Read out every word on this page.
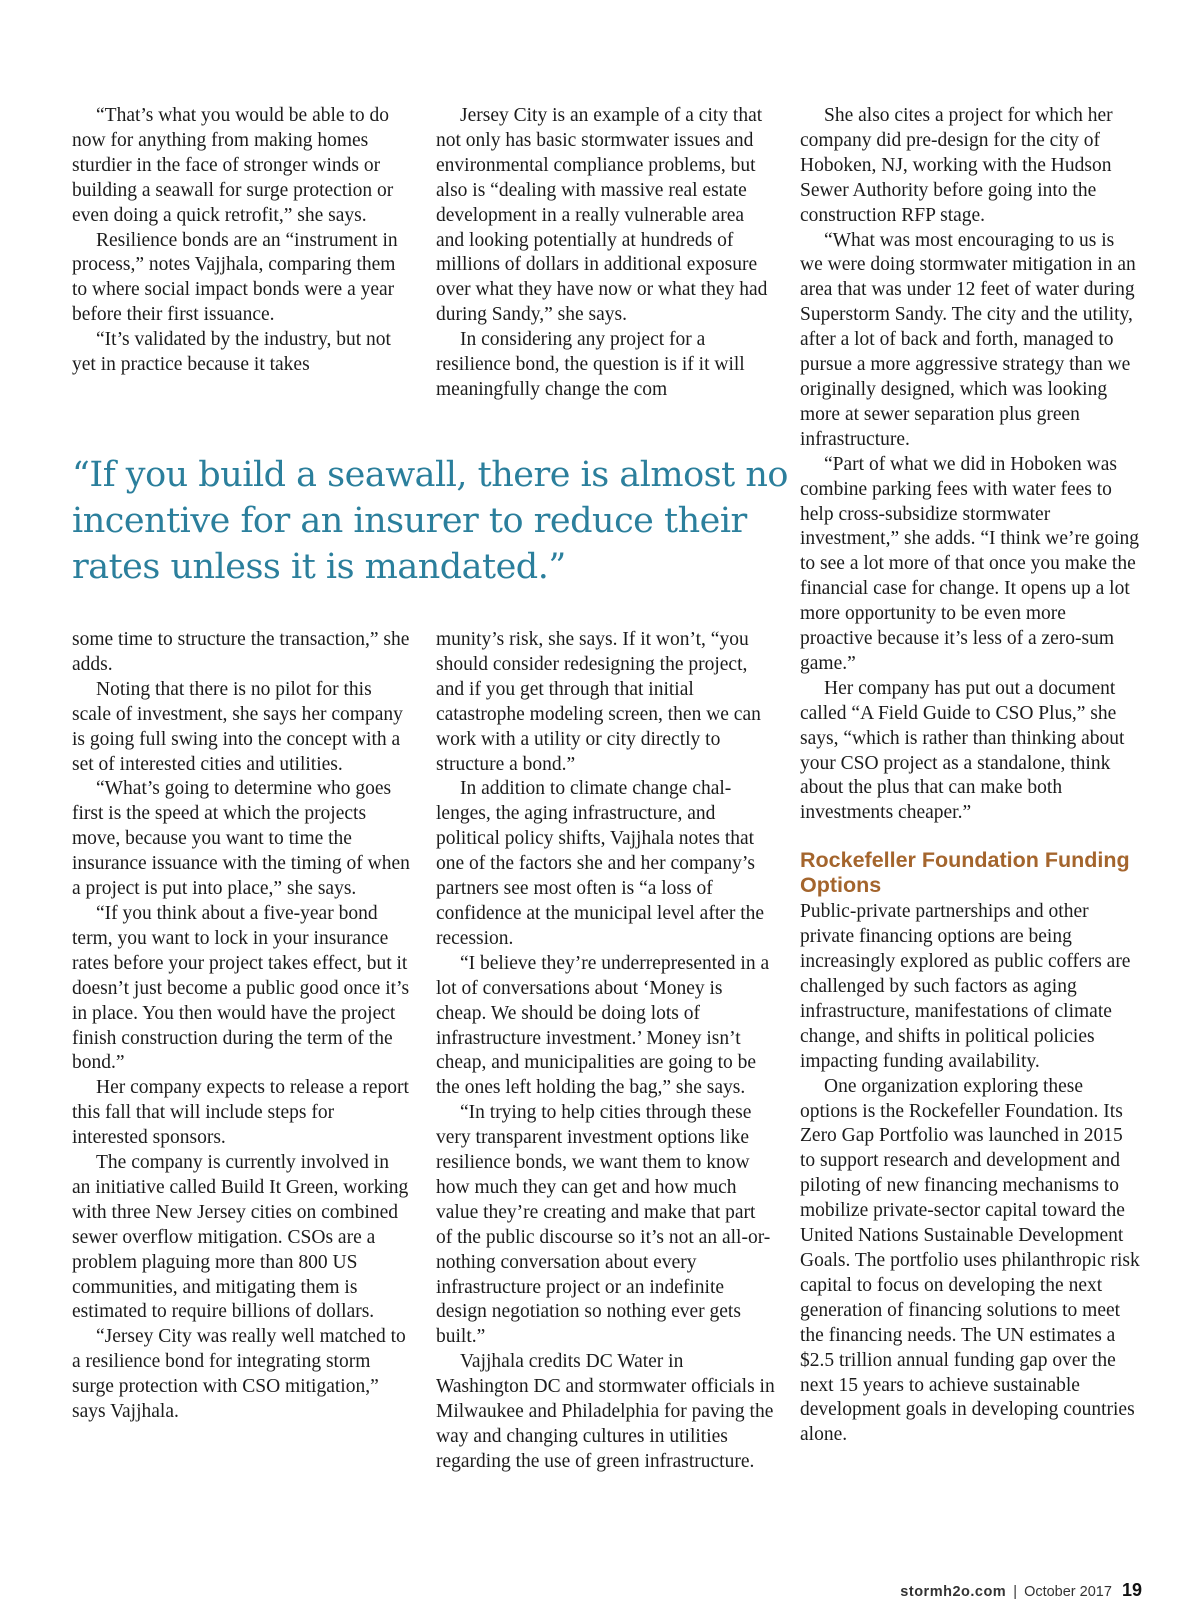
“That’s what you would be able to do now for anything from making homes sturdier in the face of stronger winds or building a seawall for surge protection or even doing a quick retrofit,” she says.

Resilience bonds are an “instrument in process,” notes Vajjhala, comparing them to where social impact bonds were a year before their first issuance.

“It’s validated by the industry, but not yet in practice because it takes

Jersey City is an example of a city that not only has basic stormwater issues and environmental compliance problems, but also is “dealing with massive real estate development in a really vulnerable area and looking potentially at hundreds of millions of dollars in additional exposure over what they have now or what they had during Sandy,” she says.

In considering any project for a resilience bond, the question is if it will meaningfully change the com

“If you build a seawall, there is almost no incentive for an insurer to reduce their rates unless it is mandated.”

some time to structure the transaction,” she adds.

Noting that there is no pilot for this scale of investment, she says her company is going full swing into the concept with a set of interested cities and utilities.

“What’s going to determine who goes first is the speed at which the projects move, because you want to time the insurance issuance with the timing of when a project is put into place,” she says.

“If you think about a five-year bond term, you want to lock in your insurance rates before your project takes effect, but it doesn’t just become a public good once it’s in place. You then would have the project finish construction during the term of the bond.”

Her company expects to release a report this fall that will include steps for interested sponsors.

The company is currently involved in an initiative called Build It Green, working with three New Jersey cities on combined sewer overflow mitigation. CSOs are a problem plaguing more than 800 US communities, and mitigating them is estimated to require billions of dollars.

“Jersey City was really well matched to a resilience bond for integrating storm surge protection with CSO mitigation,” says Vajjhala.

munity’s risk, she says. If it won’t, “you should consider redesigning the project, and if you get through that initial catastrophe modeling screen, then we can work with a utility or city directly to structure a bond.”

In addition to climate change challenges, the aging infrastructure, and political policy shifts, Vajjhala notes that one of the factors she and her company’s partners see most often is “a loss of confidence at the municipal level after the recession.

“I believe they’re underrepresented in a lot of conversations about ‘Money is cheap. We should be doing lots of infrastructure investment.’ Money isn’t cheap, and municipalities are going to be the ones left holding the bag,” she says.

“In trying to help cities through these very transparent investment options like resilience bonds, we want them to know how much they can get and how much value they’re creating and make that part of the public discourse so it’s not an all-or-nothing conversation about every infrastructure project or an indefinite design negotiation so nothing ever gets built.”

Vajjhala credits DC Water in Washington DC and stormwater officials in Milwaukee and Philadelphia for paving the way and changing cultures in utilities regarding the use of green infrastructure.

She also cites a project for which her company did pre-design for the city of Hoboken, NJ, working with the Hudson Sewer Authority before going into the construction RFP stage.

“What was most encouraging to us is we were doing stormwater mitigation in an area that was under 12 feet of water during Superstorm Sandy. The city and the utility, after a lot of back and forth, managed to pursue a more aggressive strategy than we originally designed, which was looking more at sewer separation plus green infrastructure.

“Part of what we did in Hoboken was combine parking fees with water fees to help cross-subsidize stormwater investment,” she adds. “I think we’re going to see a lot more of that once you make the financial case for change. It opens up a lot more opportunity to be even more proactive because it’s less of a zero-sum game.”

Her company has put out a document called “A Field Guide to CSO Plus,” she says, “which is rather than thinking about your CSO project as a standalone, think about the plus that can make both investments cheaper.”

Rockefeller Foundation Funding Options

Public-private partnerships and other private financing options are being increasingly explored as public coffers are challenged by such factors as aging infrastructure, manifestations of climate change, and shifts in political policies impacting funding availability.

One organization exploring these options is the Rockefeller Foundation. Its Zero Gap Portfolio was launched in 2015 to support research and development and piloting of new financing mechanisms to mobilize private-sector capital toward the United Nations Sustainable Development Goals. The portfolio uses philanthropic risk capital to focus on developing the next generation of financing solutions to meet the financing needs. The UN estimates a $2.5 trillion annual funding gap over the next 15 years to achieve sustainable development goals in developing countries alone.

stormh2o.com | October 2017 19
